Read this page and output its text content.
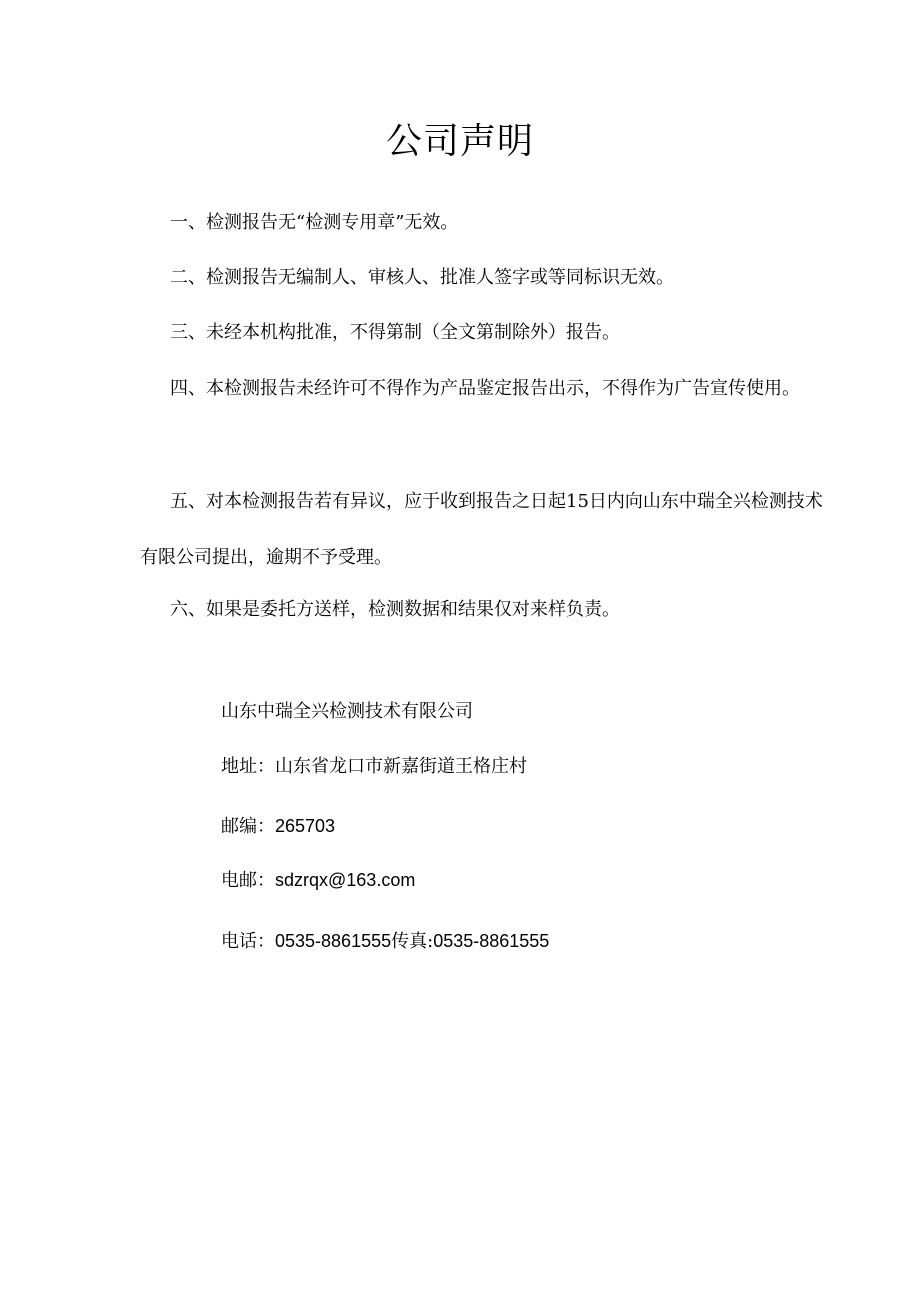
公司声明

一、检测报告无“检测专用章”无效。

二、检测报告无编制人、审核人、批准人签字或等同标识无效。

三、未经本机构批准，不得第制（全文第制除外）报告。

四、本检测报告未经许可不得作为产品鉴定报告出示，不得作为广告宣传使用。

五、对本检测报告若有异议，应于收到报告之日起15日内向山东中瑞全兴检测技术有限公司提出，逾期不予受理。

六、如果是委托方送样，检测数据和结果仅对来样负责。

山东中瑞全兴检测技术有限公司
地址：山东省龙口市新嘉街道王格庄村
邮编：265703
电邮：sdzrqx@163.com
电话：0535-8861555传真:0535-8861555
